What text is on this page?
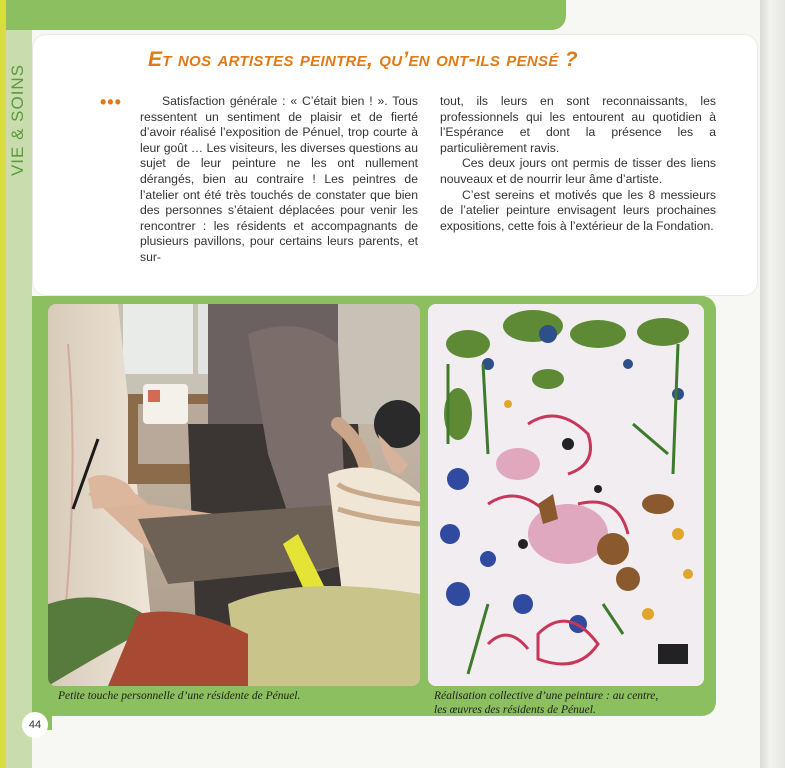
VIE & SOINS
Et nos artistes peintre, qu’en ont-ils pensé ?
•••	Satisfaction générale : « C’était bien ! ». Tous ressentent un sentiment de plaisir et de fierté d’avoir réalisé l’exposition de Pénuel, trop courte à leur goût … Les visiteurs, les diverses questions au sujet de leur peinture ne les ont nullement dérangés, bien au contraire ! Les peintres de l’atelier ont été très touchés de constater que bien des personnes s’étaient déplacées pour venir les rencontrer : les résidents et accompagnants de plusieurs pavillons, pour certains leurs parents, et sur-

tout, ils leurs en sont reconnaissants, les professionnels qui les entourent au quotidien à l’Espérance et dont la présence les a particulièrement ravis.

Ces deux jours ont permis de tisser des liens nouveaux et de nourrir leur âme d’artiste.

C’est sereins et motivés que les 8 messieurs de l’atelier peinture envisagent leurs prochaines expositions, cette fois à l’extérieur de la Fondation.

Petite touche personnelle d’une résidente de Pénuel.	Réalisation collective d’une peinture : au centre,
les œuvres des résidents de Pénuel.
44
